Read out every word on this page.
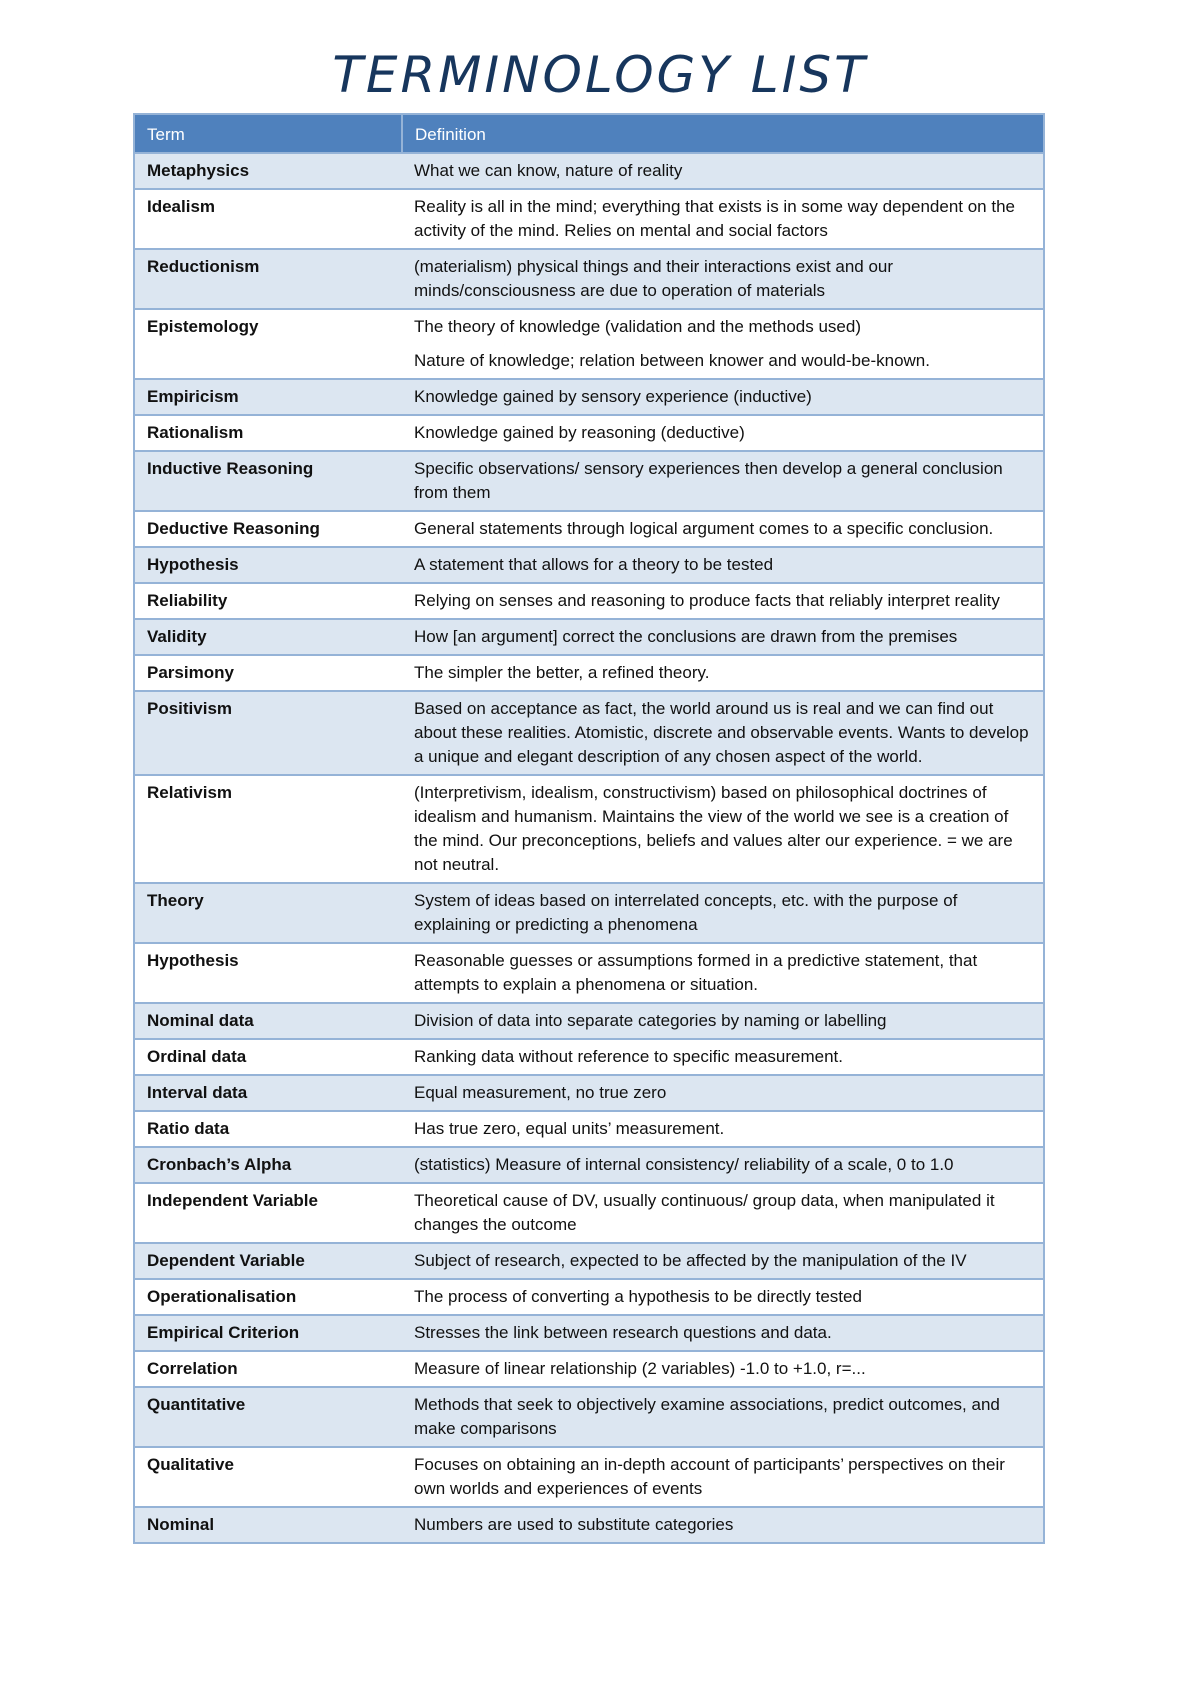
TERMINOLOGY LIST
Term	Definition
Metaphysics	What we can know, nature of reality

Idealism	Reality is all in the mind; everything that exists is in some way dependent on the activity of the mind. Relies on mental and social factors

Reductionism	(materialism) physical things and their interactions exist and our minds/consciousness are due to operation of materials

Epistemology	The theory of knowledge (validation and the methods used)
Nature of knowledge; relation between knower and would-be-known.

Empiricism	Knowledge gained by sensory experience (inductive)

Rationalism	Knowledge gained by reasoning (deductive)

Inductive Reasoning	Specific observations/ sensory experiences then develop a general conclusion from them

Deductive Reasoning	General statements through logical argument comes to a specific conclusion.

Hypothesis	A statement that allows for a theory to be tested

Reliability	Relying on senses and reasoning to produce facts that reliably interpret reality

Validity	How [an argument] correct the conclusions are drawn from the premises

Parsimony	The simpler the better, a refined theory.

Positivism	Based on acceptance as fact, the world around us is real and we can find out about these realities. Atomistic, discrete and observable events. Wants to develop a unique and elegant description of any chosen aspect of the world.

Relativism	(Interpretivism, idealism, constructivism) based on philosophical doctrines of idealism and humanism. Maintains the view of the world we see is a creation of the mind. Our preconceptions, beliefs and values alter our experience. = we are not neutral.

Theory	System of ideas based on interrelated concepts, etc. with the purpose of explaining or predicting a phenomena

Hypothesis	Reasonable guesses or assumptions formed in a predictive statement, that attempts to explain a phenomena or situation.

Nominal data	Division of data into separate categories by naming or labelling

Ordinal data	Ranking data without reference to specific measurement.

Interval data	Equal measurement, no true zero

Ratio data	Has true zero, equal units’ measurement.

Cronbach’s Alpha	(statistics) Measure of internal consistency/ reliability of a scale, 0 to 1.0

Independent Variable	Theoretical cause of DV, usually continuous/ group data, when manipulated it changes the outcome

Dependent Variable	Subject of research, expected to be affected by the manipulation of the IV

Operationalisation	The process of converting a hypothesis to be directly tested

Empirical Criterion	Stresses the link between research questions and data.

Correlation	Measure of linear relationship (2 variables) -1.0 to +1.0, r=...

Quantitative	Methods that seek to objectively examine associations, predict outcomes, and make comparisons

Qualitative	Focuses on obtaining an in-depth account of participants’ perspectives on their own worlds and experiences of events

Nominal	Numbers are used to substitute categories
